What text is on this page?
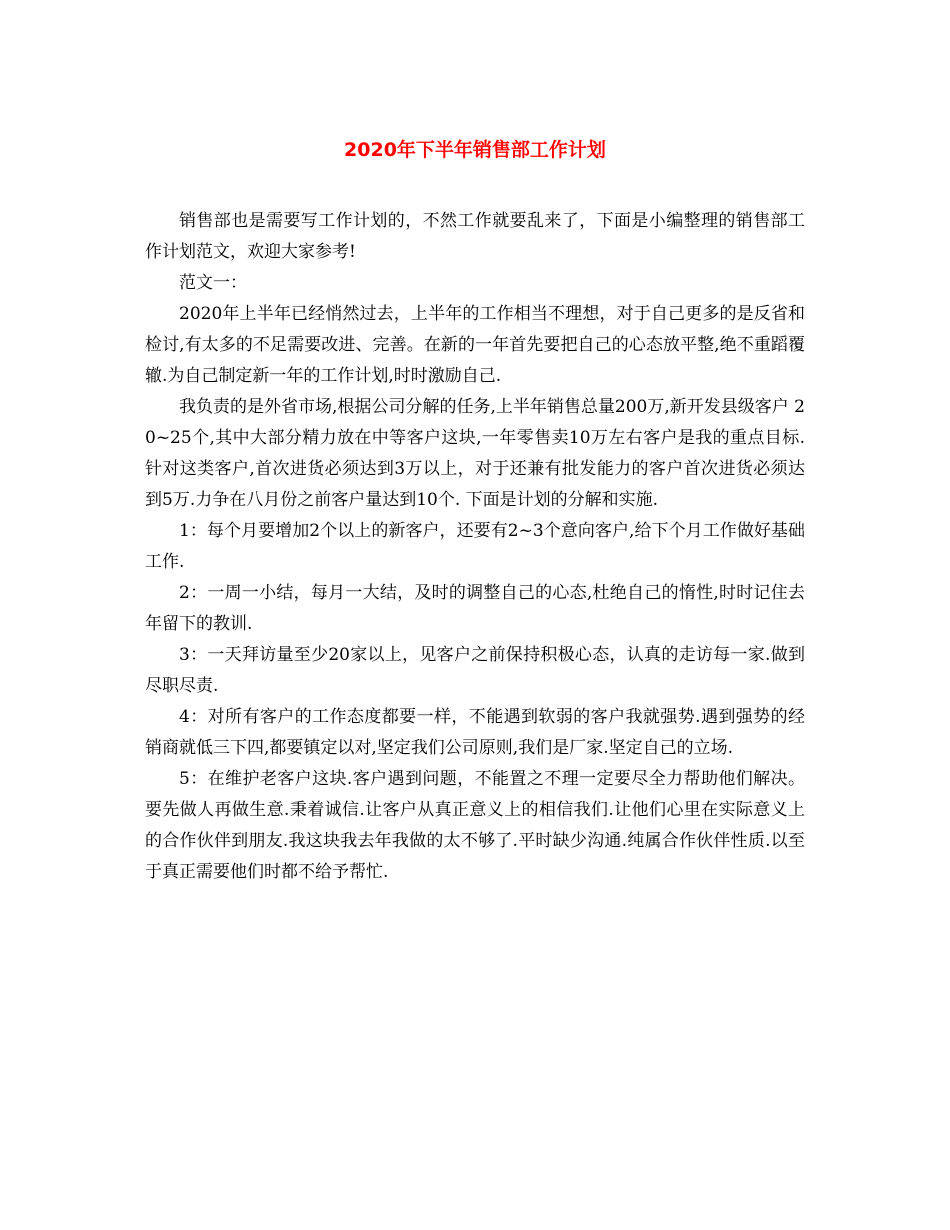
2020年下半年销售部工作计划

销售部也是需要写工作计划的，不然工作就要乱来了，下面是小编整理的销售部工作计划范文，欢迎大家参考!

范文一：

2020年上半年已经悄然过去，上半年的工作相当不理想，对于自己更多的是反省和检讨,有太多的不足需要改进、完善。在新的一年首先要把自己的心态放平整,绝不重蹈覆辙.为自己制定新一年的工作计划,时时激励自己.

我负责的是外省市场,根据公司分解的任务,上半年销售总量200万,新开发县级客户 20~25个,其中大部分精力放在中等客户这块,一年零售卖10万左右客户是我的重点目标.针对这类客户,首次进货必须达到3万以上，对于还兼有批发能力的客户首次进货必须达到5万.力争在八月份之前客户量达到10个. 下面是计划的分解和实施.

1：每个月要增加2个以上的新客户，还要有2~3个意向客户,给下个月工作做好基础工作.

2：一周一小结，每月一大结，及时的调整自己的心态,杜绝自己的惰性,时时记住去年留下的教训.

3：一天拜访量至少20家以上，见客户之前保持积极心态，认真的走访每一家.做到尽职尽责.

4：对所有客户的工作态度都要一样，不能遇到软弱的客户我就强势.遇到强势的经销商就低三下四,都要镇定以对,坚定我们公司原则,我们是厂家.坚定自己的立场.

5：在维护老客户这块.客户遇到问题，不能置之不理一定要尽全力帮助他们解决。要先做人再做生意.秉着诚信.让客户从真正意义上的相信我们.让他们心里在实际意义上的合作伙伴到朋友.我这块我去年我做的太不够了.平时缺少沟通.纯属合作伙伴性质.以至于真正需要他们时都不给予帮忙.
